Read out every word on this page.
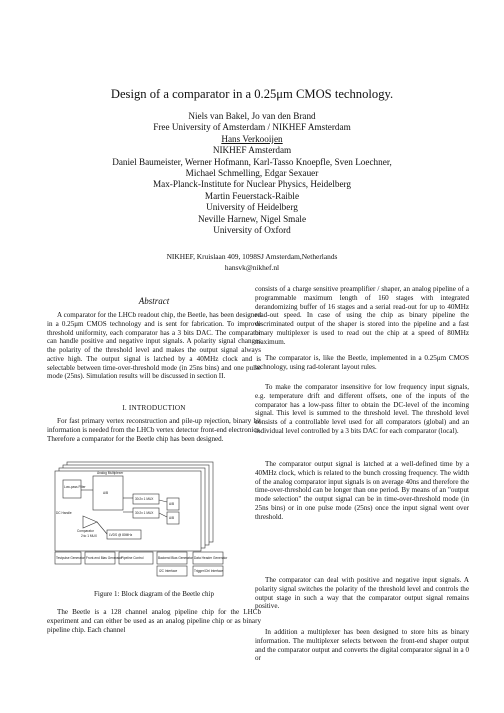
Design of a comparator in a 0.25μm CMOS technology.
Niels van Bakel, Jo van den Brand
Free University of Amsterdam / NIKHEF Amsterdam
Hans Verkooijen
NIKHEF Amsterdam
Daniel Baumeister, Werner Hofmann, Karl-Tasso Knoepfle, Sven Loechner,
Michael Schmelling, Edgar Sexauer
Max-Planck-Institute for Nuclear Physics, Heidelberg
Martin Feuerstack-Raible
University of Heidelberg
Neville Harnew, Nigel Smale
University of Oxford
NIKHEF, Kruislaan 409, 1098SJ Amsterdam,Netherlands
hansvk@nikhef.nl
Abstract

A comparator for the LHCb readout chip, the Beetle, has been designed in a 0.25μm CMOS technology and is sent for fabrication. To improve threshold uniformity, each comparator has a 3 bits DAC. The comparator can handle positive and negative input signals. A polarity signal changes the polarity of the threshold level and makes the output signal always active high. The output signal is latched by a 40MHz clock and is selectable between time-over-threshold mode (in 25ns bins) and one pulse mode (25ns). Simulation results will be discussed in section II.

I. INTRODUCTION

For fast primary vertex reconstruction and pile-up rejection, binary hit information is needed from the LHCb vertex detector front-end electronics. Therefore a comparator for the Beetle chip has been designed.

Low-pass Filter
Analog Multiplexer
A/B
30:2x 1 MUX
A/B
30:2x 1 MUX
A/B
DC Handle
Comparator
2:to 1 MUX	LVDS @ 80MHz
Testpulse Generator Front-end Bias Generator
Pipeline Control	Backend Bias Generator Data Header Generator
I2C Interface	Trigger/Ctrl Interface
Figure 1: Block diagram of the Beetle chip

The Beetle is a 128 channel analog pipeline chip for the LHCb experiment and can either be used as an analog pipeline chip or as binary pipeline chip. Each channel

consists of a charge sensitive preamplifier / shaper, an analog pipeline of a programmable maximum length of 160 stages with integrated derandomizing buffer of 16 stages and a serial read-out for up to 40MHz read-out speed. In case of using the chip as binary pipeline the discriminated output of the shaper is stored into the pipeline and a fast binary multiplexer is used to read out the chip at a speed of 80MHz maximum.

The comparator is, like the Beetle, implemented in a 0.25μm CMOS technology, using rad-tolerant layout rules.

To make the comparator insensitive for low frequency input signals, e.g. temperature drift and different offsets, one of the inputs of the comparator has a low-pass filter to obtain the DC-level of the incoming signal. This level is summed to the threshold level. The threshold level consists of a controllable level used for all comparators (global) and an individual level controlled by a 3 bits DAC for each comparator (local).

The comparator output signal is latched at a well-defined time by a 40MHz clock, which is related to the bunch crossing frequency. The width of the analog comparator input signals is on average 40ns and therefore the time-over-threshold can be longer than one period. By means of an "output mode selection" the output signal can be in time-over-threshold mode (in 25ns bins) or in one pulse mode (25ns) once the input signal went over threshold.

The comparator can deal with positive and negative input signals. A polarity signal switches the polarity of the threshold level and controls the output stage in such a way that the comparator output signal remains positive.

In addition a multiplexer has been designed to store hits as binary information. The multiplexer selects between the front-end shaper output and the comparator output and converts the digital comparator signal in a 0 or
